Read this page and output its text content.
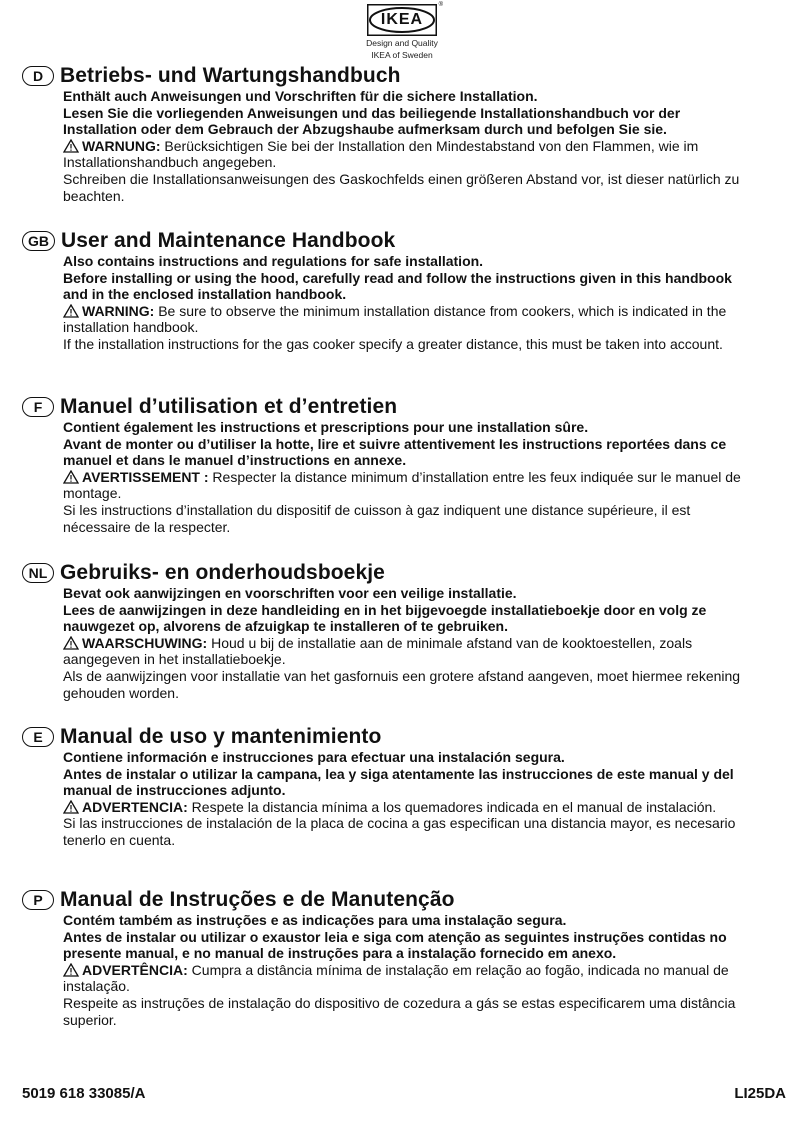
IKEA
®
Design and Quality
IKEA of Sweden
D Betriebs- und Wartungshandbuch
Enthält auch Anweisungen und Vorschriften für die sichere Installation.
Lesen Sie die vorliegenden Anweisungen und das beiliegende Installationshandbuch vor der Installation oder dem Gebrauch der Abzugshaube aufmerksam durch und befolgen Sie sie.
WARNUNG: Berücksichtigen Sie bei der Installation den Mindestabstand von den Flammen, wie im Installationshandbuch angegeben.
Schreiben die Installationsanweisungen des Gaskochfelds einen größeren Abstand vor, ist dieser natürlich zu beachten.
GB User and Maintenance Handbook
Also contains instructions and regulations for safe installation.
Before installing or using the hood, carefully read and follow the instructions given in this handbook and in the enclosed installation handbook.
WARNING: Be sure to observe the minimum installation distance from cookers, which is indicated in the installation handbook.
If the installation instructions for the gas cooker specify a greater distance, this must be taken into account.
F Manuel d’utilisation et d’entretien
Contient également les instructions et prescriptions pour une installation sûre.
Avant de monter ou d’utiliser la hotte, lire et suivre attentivement les instructions reportées dans ce manuel et dans le manuel d’instructions en annexe.
AVERTISSEMENT : Respecter la distance minimum d’installation entre les feux indiquée sur le manuel de montage.
Si les instructions d’installation du dispositif de cuisson à gaz indiquent une distance supérieure, il est nécessaire de la respecter.
NL Gebruiks- en onderhoudsboekje
Bevat ook aanwijzingen en voorschriften voor een veilige installatie.
Lees de aanwijzingen in deze handleiding en in het bijgevoegde installatieboekje door en volg ze nauwgezet op, alvorens de afzuigkap te installeren of te gebruiken.
WAARSCHUWING: Houd u bij de installatie aan de minimale afstand van de kooktoestellen, zoals aangegeven in het installatieboekje.
Als de aanwijzingen voor installatie van het gasfornuis een grotere afstand aangeven, moet hiermee rekening gehouden worden.
E Manual de uso y mantenimiento
Contiene información e instrucciones para efectuar una instalación segura.
Antes de instalar o utilizar la campana, lea y siga atentamente las instrucciones de este manual y del manual de instrucciones adjunto.
ADVERTENCIA: Respete la distancia mínima a los quemadores indicada en el manual de instalación.
Si las instrucciones de instalación de la placa de cocina a gas especifican una distancia mayor, es necesario tenerlo en cuenta.
P Manual de Instruções e de Manutenção
Contém também as instruções e as indicações para uma instalação segura.
Antes de instalar ou utilizar o exaustor leia e siga com atenção as seguintes instruções contidas no presente manual, e no manual de instruções para a instalação fornecido em anexo.
ADVERTÊNCIA: Cumpra a distância mínima de instalação em relação ao fogão, indicada no manual de instalação.
Respeite as instruções de instalação do dispositivo de cozedura a gás se estas especificarem uma distância superior.
5019 618 33085/A	LI25DA
